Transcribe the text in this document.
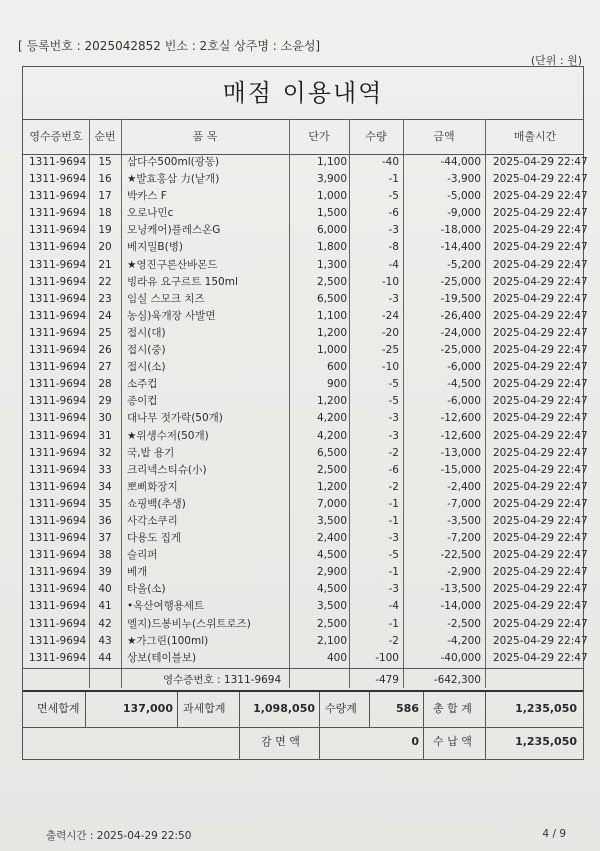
[ 등록번호 : 2025042852 빈소 : 2호실 상주명 : 소윤성]
(단위 : 원)
매점 이용내역
영수증번호	순번	품 목	단가	수량	금액	매출시간
1311-9694	15	삼다수500ml(광동)	1,100	-40	-44,000 2025-04-29 22:47
1311-9694	16	★발효홍삼 力(낱개)	3,900	-1	-3,900 2025-04-29 22:47
1311-9694	17	박카스 F	1,000	-5	-5,000 2025-04-29 22:47
1311-9694	18	오로나민c	1,500	-6	-9,000 2025-04-29 22:47
1311-9694	19	모닝케어)플레스온G	6,000	-3	-18,000 2025-04-29 22:47
1311-9694	20	베지밀B(병)	1,800	-8	-14,400 2025-04-29 22:47
1311-9694	21	★영진구론산바몬드	1,300	-4	-5,200 2025-04-29 22:47
1311-9694	22	빙라유 요구르트 150ml	2,500	-10	-25,000 2025-04-29 22:47
1311-9694	23	임실 스모크 치즈	6,500	-3	-19,500 2025-04-29 22:47
1311-9694	24	농심)육개장 사발면	1,100	-24	-26,400 2025-04-29 22:47
1311-9694	25	접시(대)	1,200	-20	-24,000 2025-04-29 22:47
1311-9694	26	접시(중)	1,000	-25	-25,000 2025-04-29 22:47
1311-9694	27	접시(소)	600	-10	-6,000 2025-04-29 22:47
1311-9694	28	소주컵	900	-5	-4,500 2025-04-29 22:47
1311-9694	29	종이컵	1,200	-5	-6,000 2025-04-29 22:47
1311-9694	30	대나무 젓가락(50개)	4,200	-3	-12,600 2025-04-29 22:47
1311-9694	31	★위생수저(50개)	4,200	-3	-12,600 2025-04-29 22:47
1311-9694	32	국,밥 용기	6,500	-2	-13,000 2025-04-29 22:47
1311-9694	33	크리넥스티슈(小)	2,500	-6	-15,000 2025-04-29 22:47
1311-9694	34	뽀삐화장지	1,200	-2	-2,400 2025-04-29 22:47
1311-9694	35	쇼핑백(추생)	7,000	-1	-7,000 2025-04-29 22:47
1311-9694	36	사각소쿠리	3,500	-1	-3,500 2025-04-29 22:47
1311-9694	37	다용도 집게	2,400	-3	-7,200 2025-04-29 22:47
1311-9694	38	슬리퍼	4,500	-5	-22,500 2025-04-29 22:47
1311-9694	39	베개	2,900	-1	-2,900 2025-04-29 22:47
1311-9694	40	타올(소)	4,500	-3	-13,500 2025-04-29 22:47
1311-9694	41	•옥산여행용세트	3,500	-4	-14,000 2025-04-29 22:47
1311-9694	42	엘지)드봉비누(스위트로즈)	2,500	-1	-2,500 2025-04-29 22:47
1311-9694	43	★가그린(100ml)	2,100	-2	-4,200 2025-04-29 22:47
1311-9694	44	상보(테이블보)	400	-100	-40,000 2025-04-29 22:47
영수증번호 : 1311-9694	-479	-642,300
면세합계	137,000 과세합계	1,098,050 수량계	586 총 합 계	1,235,050
감 면 액	0 수 납 액	1,235,050
출력시간 : 2025-04-29 22:50	4 / 9
